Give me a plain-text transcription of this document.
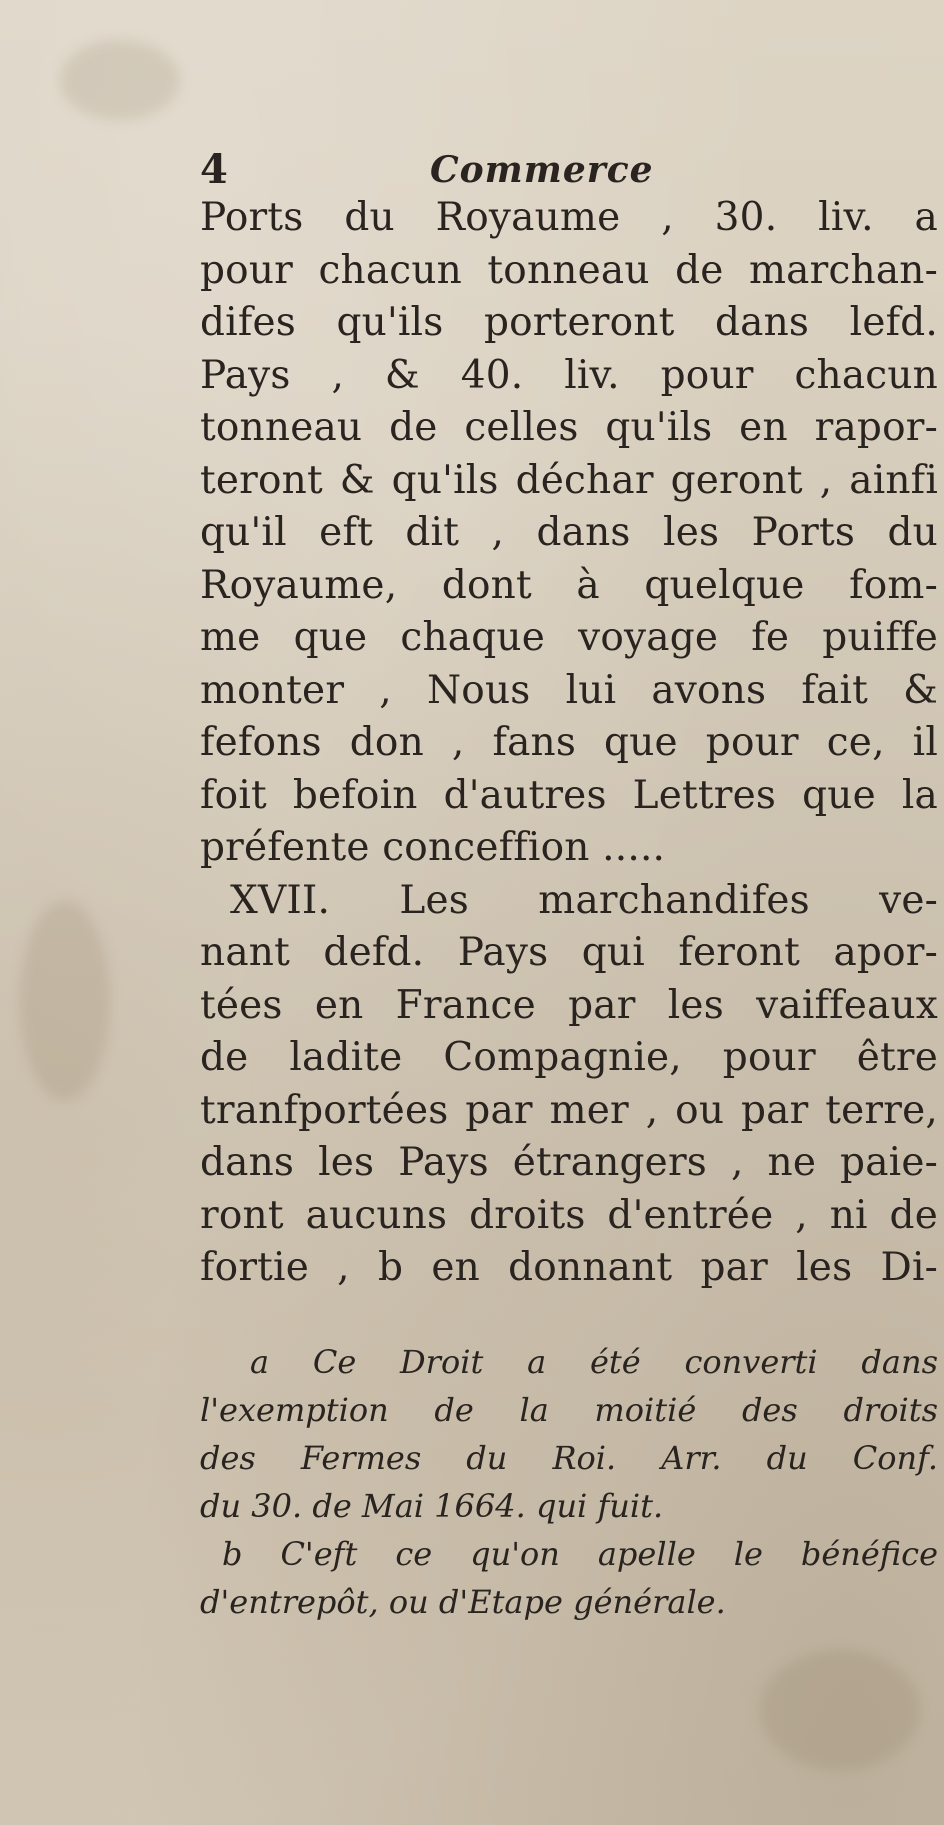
4	Commerce
Ports du Royaume , 30. liv. a
pour chacun tonneau de marchan-
difes qu'ils porteront dans lefd.
Pays , & 40. liv. pour chacun
tonneau de celles qu'ils en rapor-
teront & qu'ils déchar geront , ainfi
qu'il eft dit , dans les Ports du
Royaume, dont à quelque fom-
me que chaque voyage fe puiffe
monter , Nous lui avons fait &
fefons don , fans que pour ce, il
foit befoin d'autres Lettres que la
préfente conceffion .....
XVII. Les marchandifes ve-
nant defd. Pays qui feront apor-
tées en France par les vaiffeaux
de ladite Compagnie, pour être
tranfportées par mer , ou par terre,
dans les Pays étrangers , ne paie-
ront aucuns droits d'entrée , ni de
fortie , b en donnant par les Di-
a Ce Droit a été converti dans
l'exemption de la moitié des droits
des Fermes du Roi. Arr. du Conf.
du 30. de Mai 1664. qui fuit.
b C'eft ce qu'on apelle le bénéfice
d'entrepôt, ou d'Etape générale.
